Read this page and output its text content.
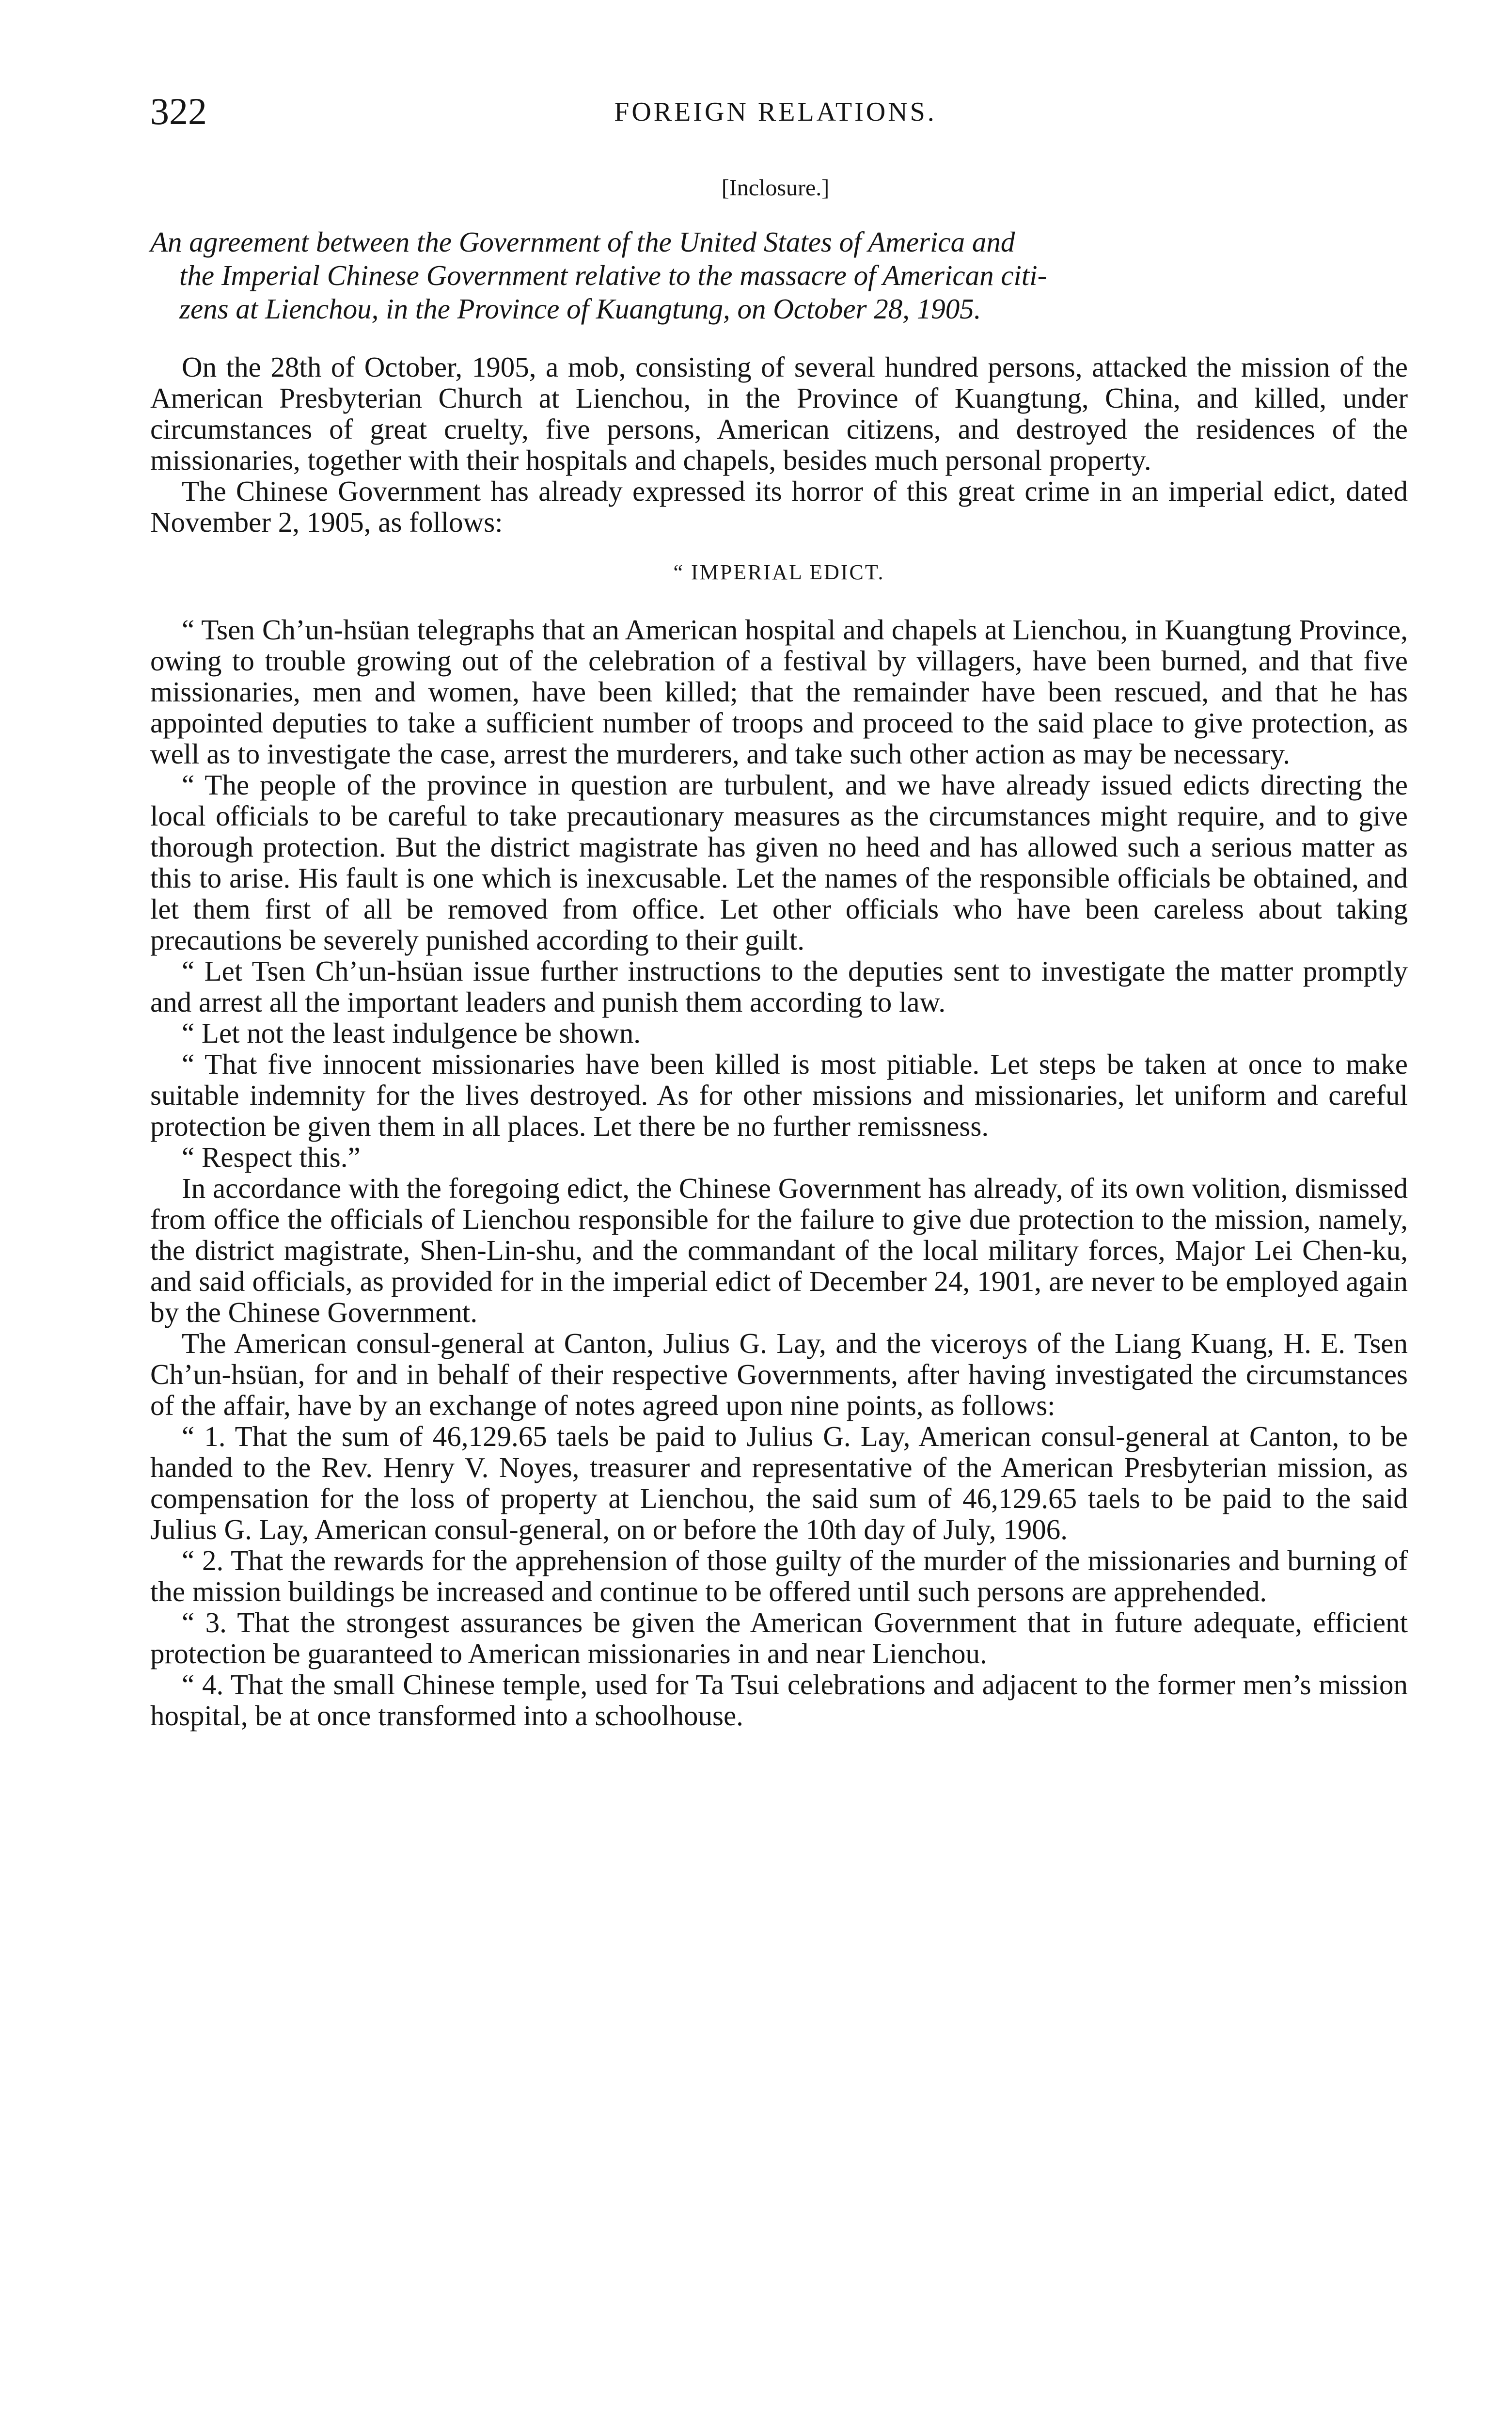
322	FOREIGN RELATIONS.
[Inclosure.]
An agreement between the Government of the United States of America and
the Imperial Chinese Government relative to the massacre of American citi-
zens at Lienchou, in the Province of Kuangtung, on October 28, 1905.

On the 28th of October, 1905, a mob, consisting of several hundred persons, attacked the mission of the American Presbyterian Church at Lienchou, in the Province of Kuangtung, China, and killed, under circumstances of great cruelty, five persons, American citizens, and destroyed the residences of the missionaries, together with their hospitals and chapels, besides much personal property.

The Chinese Government has already expressed its horror of this great crime in an imperial edict, dated November 2, 1905, as follows:

“ IMPERIAL EDICT.

“ Tsen Ch’un-hsüan telegraphs that an American hospital and chapels at Lienchou, in Kuangtung Province, owing to trouble growing out of the celebration of a festival by villagers, have been burned, and that five missionaries, men and women, have been killed; that the remainder have been rescued, and that he has appointed deputies to take a sufficient number of troops and proceed to the said place to give protection, as well as to investigate the case, arrest the murderers, and take such other action as may be necessary.

“ The people of the province in question are turbulent, and we have already issued edicts directing the local officials to be careful to take precautionary measures as the circumstances might require, and to give thorough protection. But the district magistrate has given no heed and has allowed such a serious matter as this to arise. His fault is one which is inexcusable. Let the names of the responsible officials be obtained, and let them first of all be removed from office. Let other officials who have been careless about taking precautions be severely punished according to their guilt.

“ Let Tsen Ch’un-hsüan issue further instructions to the deputies sent to investigate the matter promptly and arrest all the important leaders and punish them according to law.

“ Let not the least indulgence be shown.

“ That five innocent missionaries have been killed is most pitiable. Let steps be taken at once to make suitable indemnity for the lives destroyed. As for other missions and missionaries, let uniform and careful protection be given them in all places. Let there be no further remissness.

“ Respect this.”

In accordance with the foregoing edict, the Chinese Government has already, of its own volition, dismissed from office the officials of Lienchou responsible for the failure to give due protection to the mission, namely, the district magistrate, Shen-Lin-shu, and the commandant of the local military forces, Major Lei Chen-ku, and said officials, as provided for in the imperial edict of December 24, 1901, are never to be employed again by the Chinese Government.

The American consul-general at Canton, Julius G. Lay, and the viceroys of the Liang Kuang, H. E. Tsen Ch’un-hsüan, for and in behalf of their respective Governments, after having investigated the circumstances of the affair, have by an exchange of notes agreed upon nine points, as follows:

“ 1. That the sum of 46,129.65 taels be paid to Julius G. Lay, American consul-general at Canton, to be handed to the Rev. Henry V. Noyes, treasurer and representative of the American Presbyterian mission, as compensation for the loss of property at Lienchou, the said sum of 46,129.65 taels to be paid to the said Julius G. Lay, American consul-general, on or before the 10th day of July, 1906.

“ 2. That the rewards for the apprehension of those guilty of the murder of the missionaries and burning of the mission buildings be increased and continue to be offered until such persons are apprehended.

“ 3. That the strongest assurances be given the American Government that in future adequate, efficient protection be guaranteed to American missionaries in and near Lienchou.

“ 4. That the small Chinese temple, used for Ta Tsui celebrations and adjacent to the former men’s mission hospital, be at once transformed into a schoolhouse.
